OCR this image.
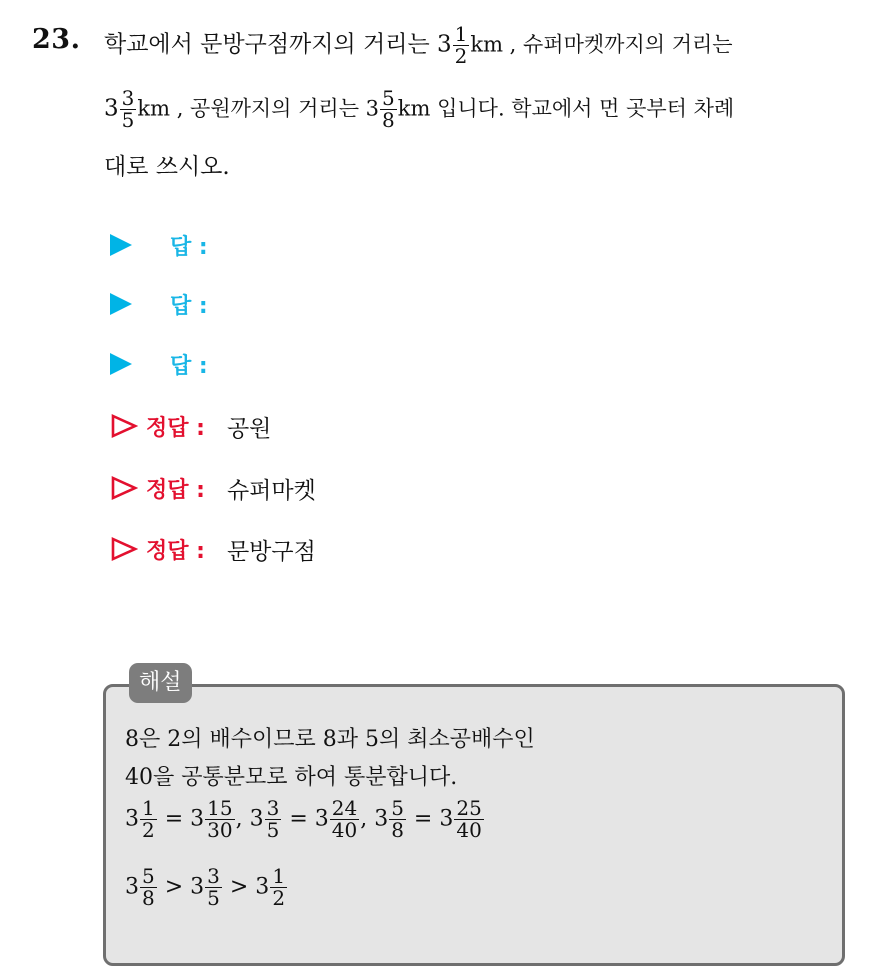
23. 학교에서 문방구점까지의 거리는 $3 \frac{1}{2}$ km , 슈퍼마켓까지의 거리는
$3 \frac{3}{5}$ km , 공원까지의 거리는 $3 \frac{5}{8}$ km 입니다. 학교에서 먼 곳부터 차례
대로 쓰시오.
답 :
답 :
답 :
정답 : 공원
정답 : 슈퍼마켓
정답 : 문방구점
해설
8은 2의 배수이므로 8과 5의 최소공배수인
40을 공통분모로 하여 통분합니다.
$3 \frac{1}{2} = 3 \frac{15}{30}$ , $3 \frac{3}{5} = 3 \frac{24}{40}$ , $3 \frac{5}{8} = 3 \frac{25}{40}$
$3 \frac{5}{8} > 3 \frac{3}{5} > 3 \frac{1}{2}$
